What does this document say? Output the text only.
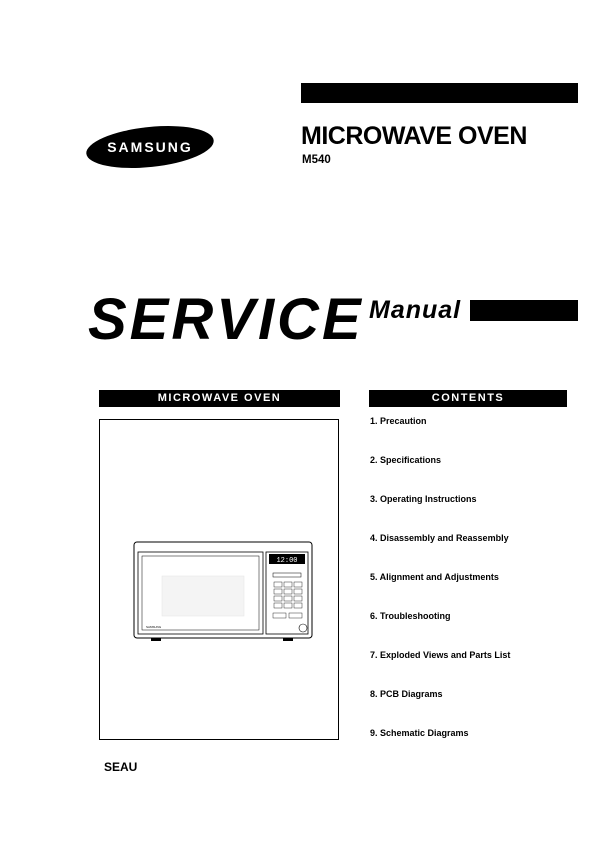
SAMSUNG	MICROWAVE OVEN
M540
SERVICE Manual
MICROWAVE OVEN	CONTENTS
SAMSUNG
12:00
1. Precaution
2. Specifications
3. Operating Instructions
4. Disassembly and Reassembly
5. Alignment and Adjustments
6. Troubleshooting
7. Exploded Views and Parts List
8. PCB Diagrams
9. Schematic Diagrams
SEAU
